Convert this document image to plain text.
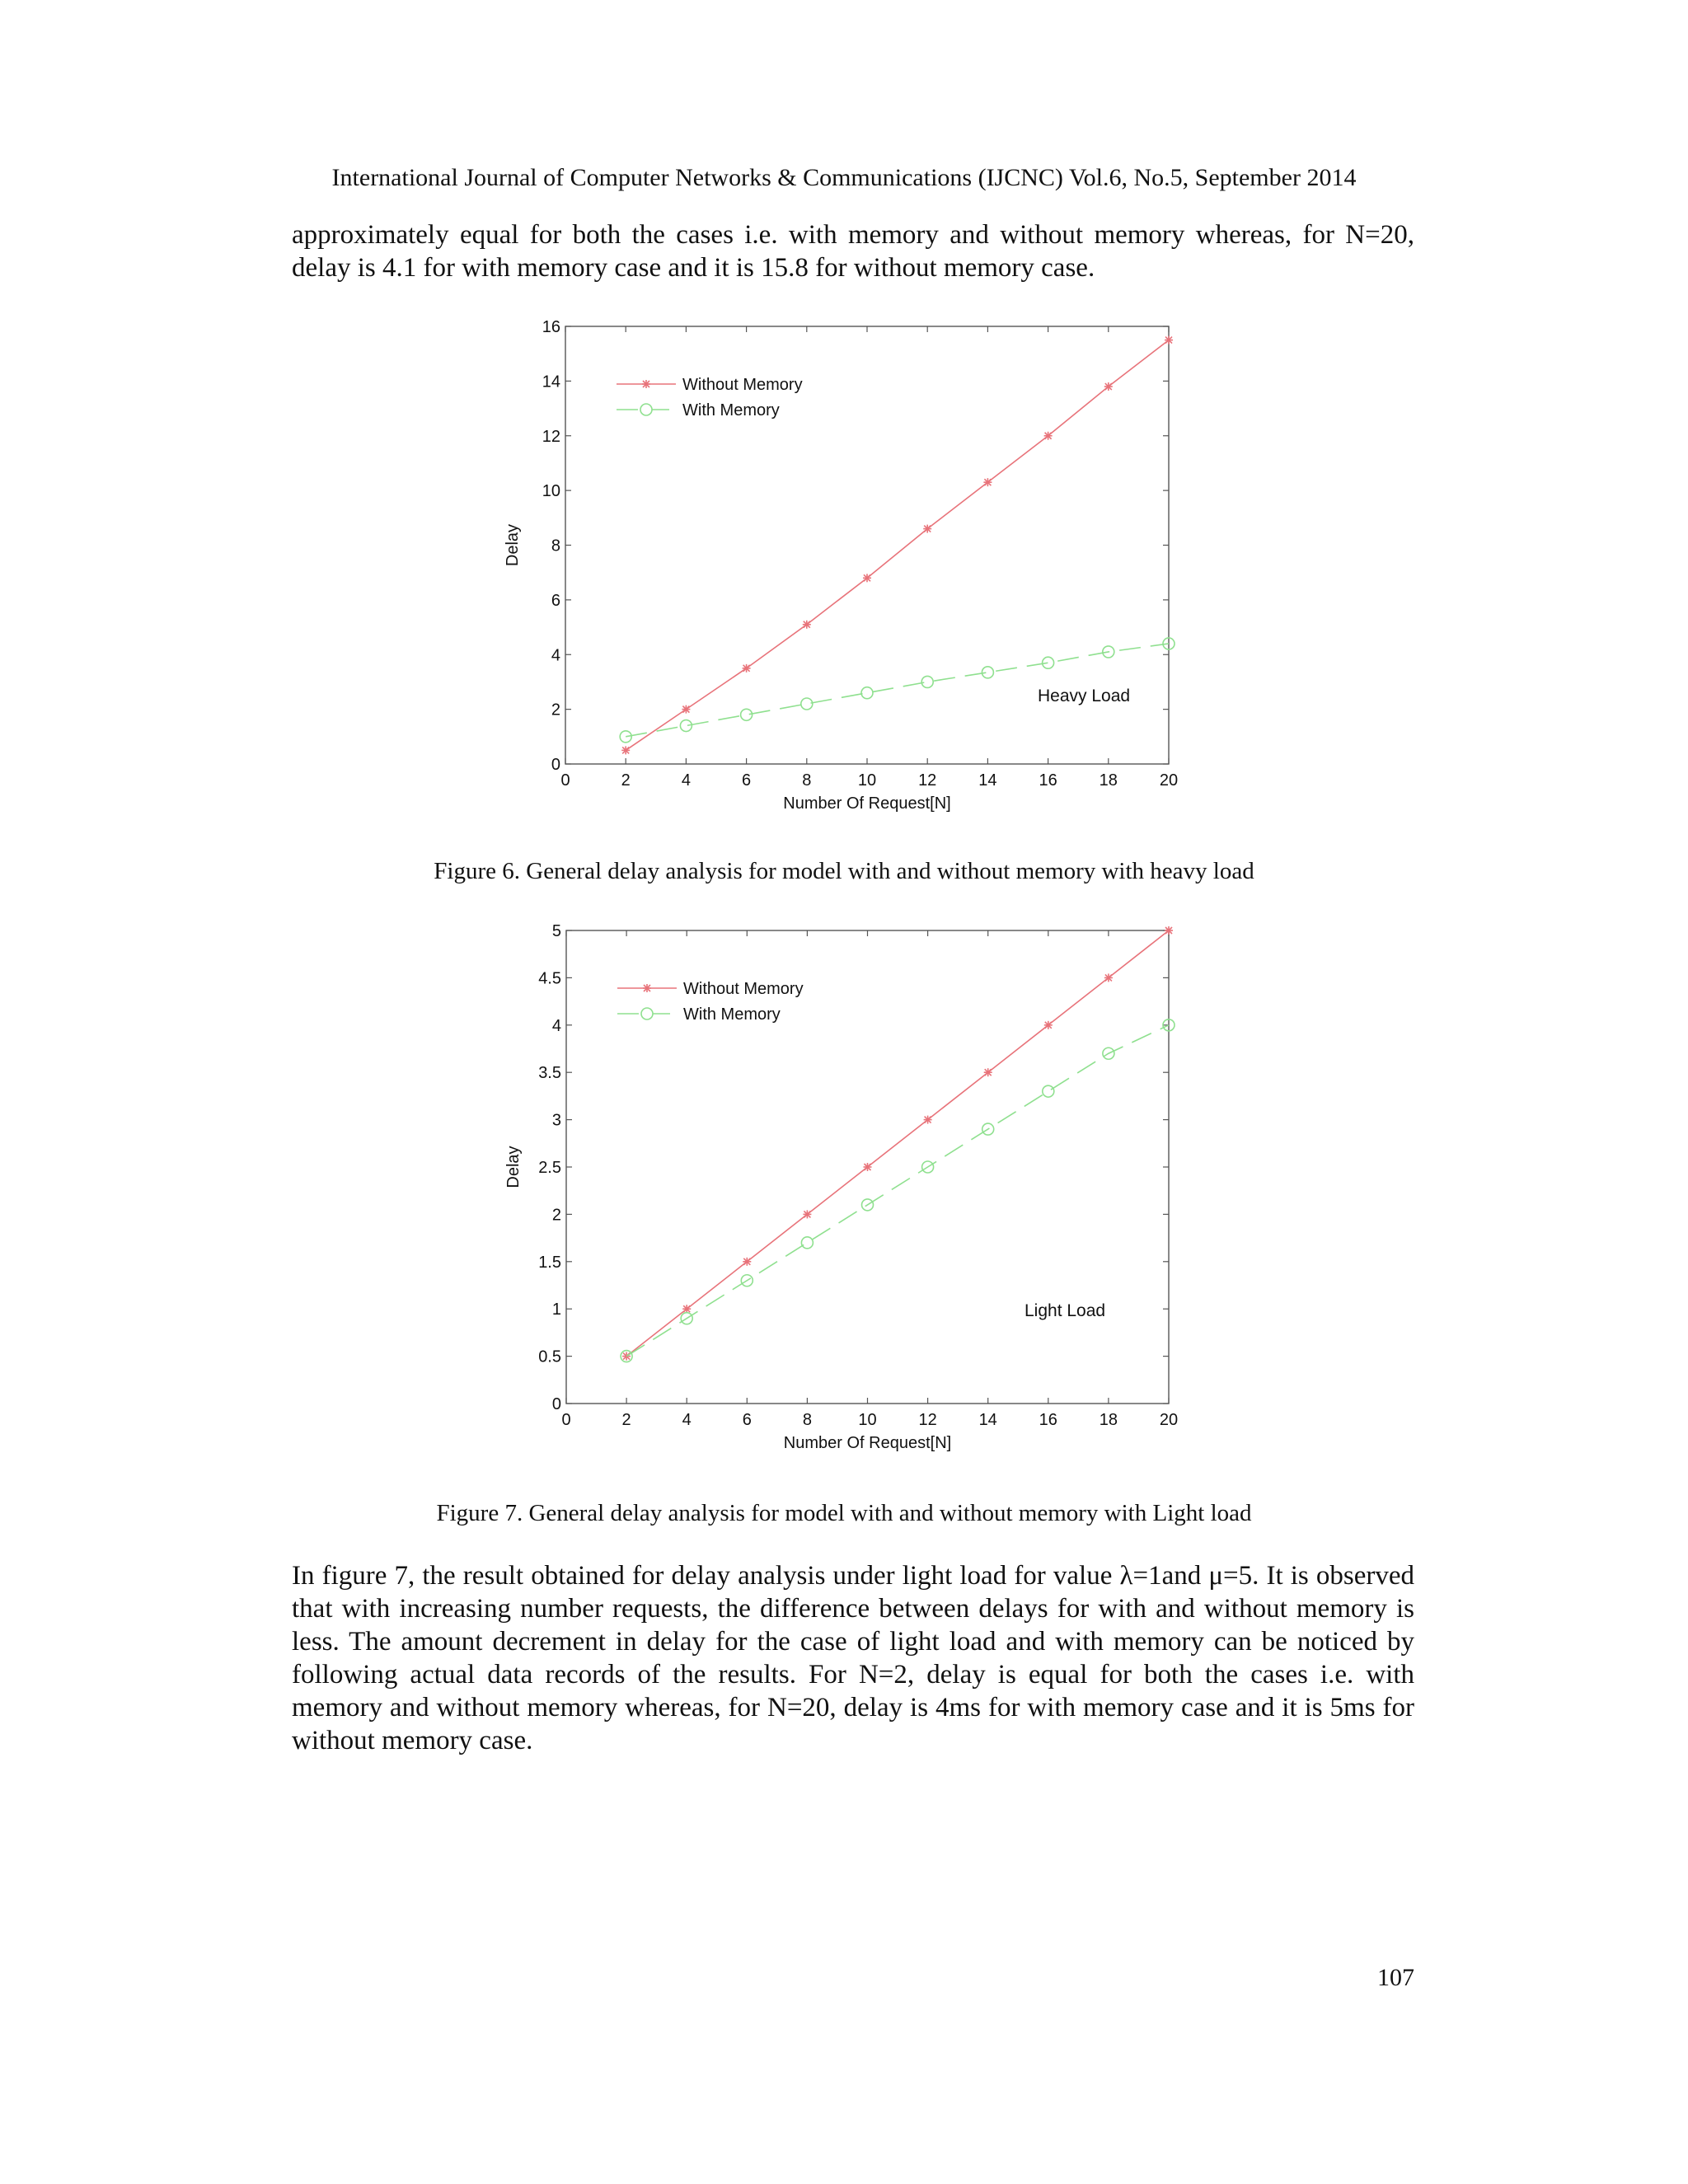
International Journal of Computer Networks & Communications (IJCNC) Vol.6, No.5, September 2014

approximately equal for both the cases i.e. with memory and without memory whereas, for N=20, delay is 4.1 for with memory case and it is 15.8 for without memory case.

0	2	4	6	8	10	12	14	16	18	20
0
2
4
6
8
10
12
14
16
Number Of Request[N]
Delay
Without Memory
With Memory
Heavy Load
Figure 6. General delay analysis for model with and without memory with heavy load
0	2	4	6	8	10	12	14	16	18	20
0
0.5
1
1.5
2
2.5
3
3.5
4
4.5
5
Number Of Request[N]
Delay
Without Memory
With Memory
Light Load
Figure 7. General delay analysis for model with and without memory with Light load

In figure 7, the result obtained for delay analysis under light load for value λ=1and μ=5. It is observed that with increasing number requests, the difference between delays for with and without memory is less. The amount decrement in delay for the case of light load and with memory can be noticed by following actual data records of the results. For N=2, delay is equal for both the cases i.e. with memory and without memory whereas, for N=20, delay is 4ms for with memory case and it is 5ms for without memory case.

107
